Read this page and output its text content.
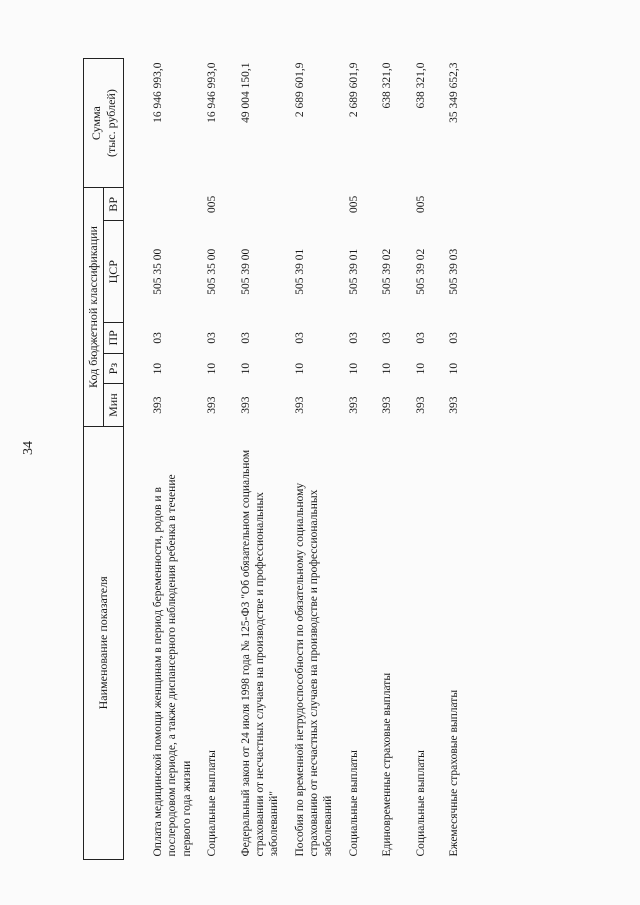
34
Наименование показателя	Код бюджетной классификации					Сумма
(тыс. рублей)
	Мин	Рз	ПР	ЦСР	ВР	

Оплата медицинской помощи женщинам в период беременности, родов и в послеродовом периоде, а также диспансерного наблюдения ребенка в течение первого года жизни	393	10	03	505 35 00		16 946 993,0
Социальные выплаты	393	10	03	505 35 00	005	16 946 993,0
Федеральный закон от 24 июля 1998 года № 125-ФЗ "Об обязательном социальном страховании от несчастных случаев на производстве и профессиональных заболеваний"	393	10	03	505 39 00		49 004 150,1
Пособия по временной нетрудоспособности по обязательному социальному страхованию от несчастных случаев на производстве и профессиональных заболеваний	393	10	03	505 39 01		2 689 601,9
Социальные выплаты	393	10	03	505 39 01	005	2 689 601,9
Единовременные страховые выплаты	393	10	03	505 39 02		638 321,0
Социальные выплаты	393	10	03	505 39 02	005	638 321,0
Ежемесячные страховые выплаты	393	10	03	505 39 03		35 349 652,3
